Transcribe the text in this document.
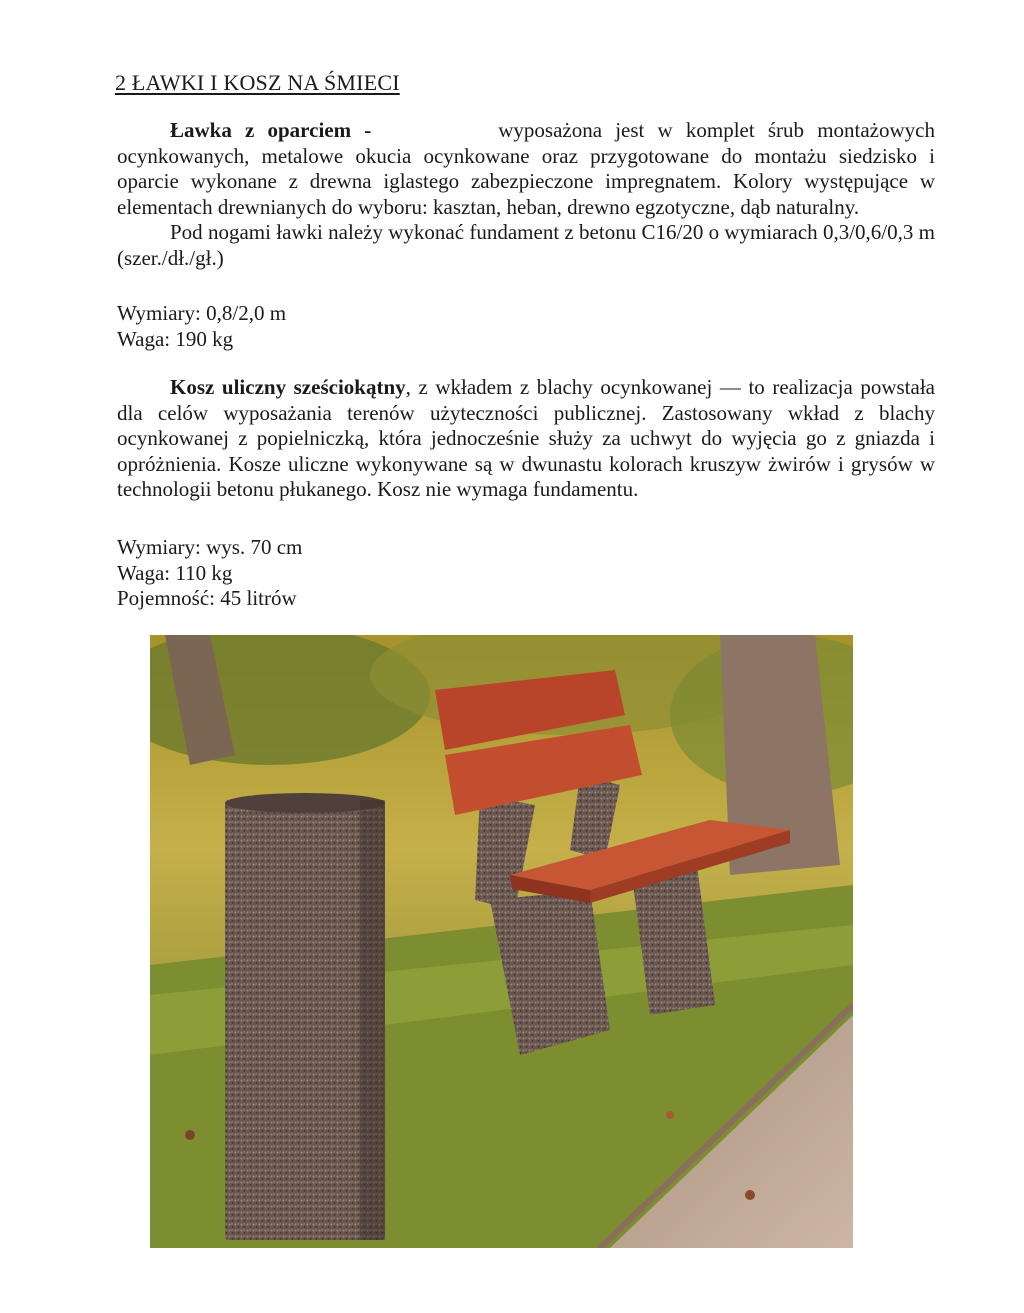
2 ŁAWKI I KOSZ NA ŚMIECI
Ławka z oparciem -	wyposażona jest w komplet śrub montażowych ocynkowanych, metalowe okucia ocynkowane oraz przygotowane do montażu siedzisko i oparcie wykonane z drewna iglastego zabezpieczone impregnatem. Kolory występujące w elementach drewnianych do wyboru: kasztan, heban, drewno egzotyczne, dąb naturalny.
Pod nogami ławki należy wykonać fundament z betonu C16/20 o wymiarach 0,3/0,6/0,3 m (szer./dł./gł.)
Wymiary: 0,8/2,0 m
Waga: 190 kg
Kosz uliczny sześciokątny, z wkładem z blachy ocynkowanej — to realizacja powstała dla celów wyposażania terenów użyteczności publicznej. Zastosowany wkład z blachy ocynkowanej z popielniczką, która jednocześnie służy za uchwyt do wyjęcia go z gniazda i opróżnienia. Kosze uliczne wykonywane są w dwunastu kolorach kruszyw żwirów i grysów w technologii betonu płukanego. Kosz nie wymaga fundamentu.
Wymiary: wys. 70 cm
Waga: 110 kg
Pojemność: 45 litrów
